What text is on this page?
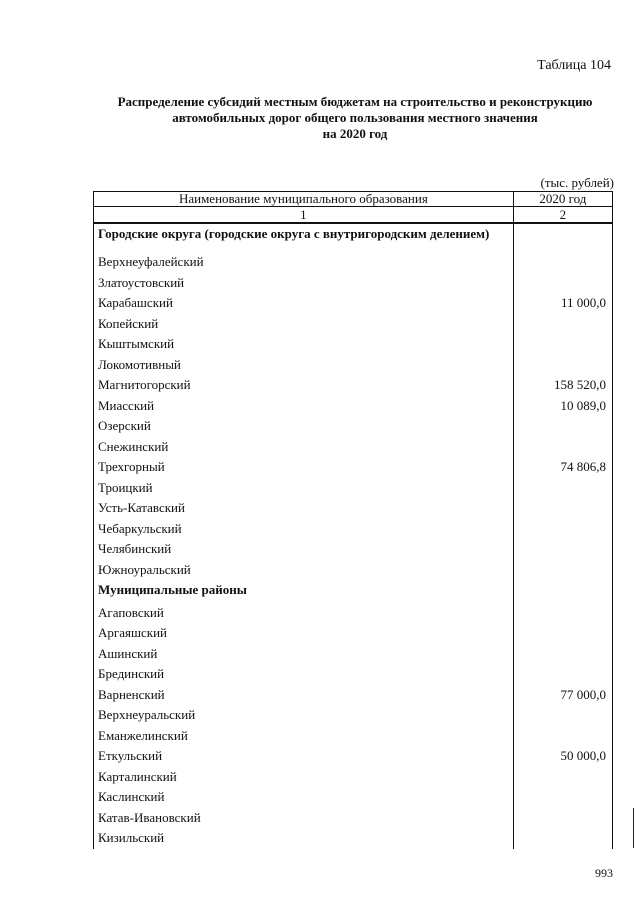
Таблица 104
Распределение субсидий местным бюджетам на строительство и реконструкцию
автомобильных дорог общего пользования местного значения
на 2020 год
(тыс. рублей)
Наименование муниципального образования	2020 год
1	2
Городские округа (городские округа с внутригородским делением)	
Верхнеуфалейский	
Златоустовский	
Карабашский	11 000,0
Копейский	
Кыштымский	
Локомотивный	
Магнитогорский	158 520,0
Миасский	10 089,0
Озерский	
Снежинский	
Трехгорный	74 806,8
Троицкий	
Усть-Катавский	
Чебаркульский	
Челябинский	
Южноуральский	
Муниципальные районы	
Агаповский	
Аргаяшский	
Ашинский	
Брединский	
Варненский	77 000,0
Верхнеуральский	
Еманжелинский	
Еткульский	50 000,0
Карталинский	
Каслинский	
Катав-Ивановский	
Кизильский	
993
